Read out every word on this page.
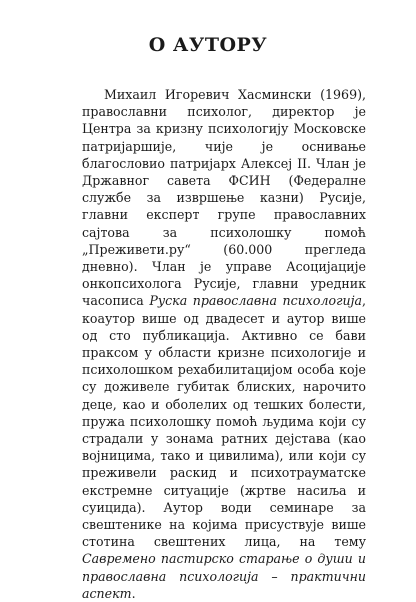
О АУТОРУ

Михаил Игоревич Хасмински (1969), православни психолог, директор је Центра за кризну психологију Московске патријаршије, чије је оснивање благословио патријарх Алексеј II. Члан је Државног савета ФСИН (Федералне службе за извршење казни) Русије, главни експерт групе православних сајтова за психолошку помоћ „Преживети.ру“ (60.000 прегледа дневно). Члан је управе Асоцијације онкопсихолога Русије, главни уредник часописа Руска православна психологија, коаутор више од двадесет и аутор више од сто публикација. Активно се бави праксом у области кризне психологије и психолошком рехабилитацијом особа које су доживеле губитак блиских, нарочито деце, као и оболелих од тешких болести, пружа психолошку помоћ људима који су страдали у зонама ратних дејстава (као војницима, тако и цивилима), или који су преживели раскид и психотрауматске екстремне ситуације (жртве насиља и суицида). Аутор води семинаре за свештенике на којима присуствује више стотина свештених лица, на тему Савремено пастирско старање о души и православна психологија – практични аспект.
